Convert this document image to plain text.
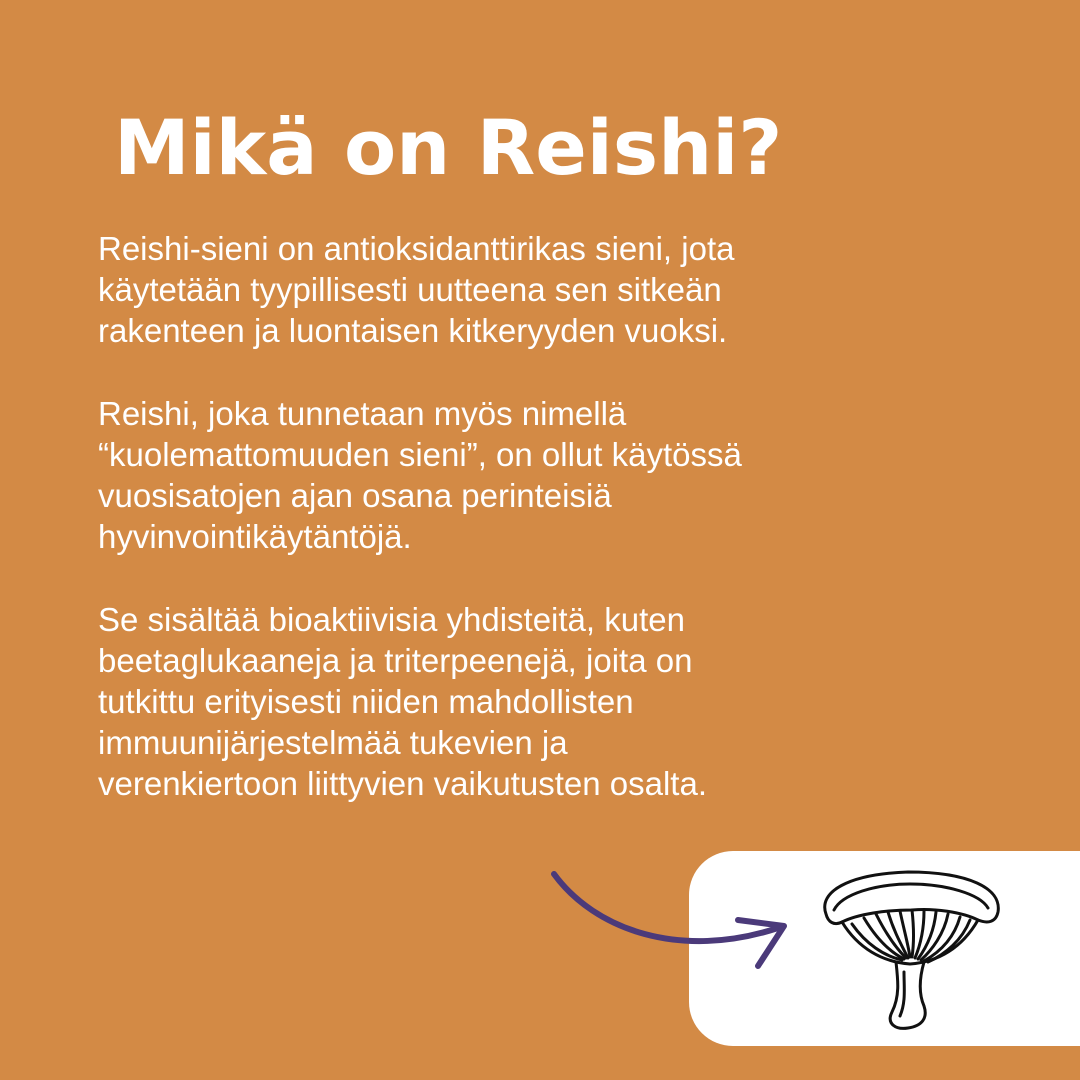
Mikä on Reishi?

Reishi-sieni on antioksidanttirikas sieni, jota
käytetään tyypillisesti uutteena sen sitkeän
rakenteen ja luontaisen kitkeryyden vuoksi.

Reishi, joka tunnetaan myös nimellä
“kuolemattomuuden sieni”, on ollut käytössä
vuosisatojen ajan osana perinteisiä
hyvinvointikäytäntöjä.

Se sisältää bioaktiivisia yhdisteitä, kuten
beetaglukaaneja ja triterpeenejä, joita on
tutkittu erityisesti niiden mahdollisten
immuunijärjestelmää tukevien ja
verenkiertoon liittyvien vaikutusten osalta.
